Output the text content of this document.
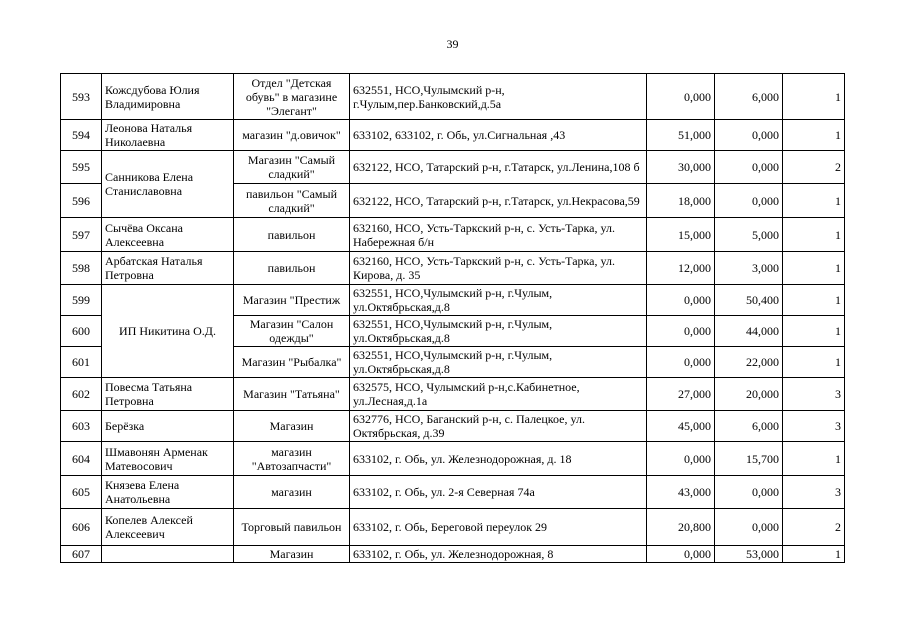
39
593	Кожсдубова Юлия Владимировна	Отдел "Детская обувь" в магазине "Элегант"	632551, НСО,Чулымский р-н, г.Чулым,пер.Банковский,д.5а	0,000	6,000	1
594	Леонова Наталья Николаевна	магазин "д.овичок"	633102, 633102, г. Обь, ул.Сигнальная ,43	51,000	0,000	1
595	Санникова Елена Станиславовна	Магазин "Самый сладкий"	632122, НСО, Татарский р-н, г.Татарск, ул.Ленина,108 б	30,000	0,000	2
596		павильон "Самый сладкий"	632122, НСО, Татарский р-н, г.Татарск, ул.Некрасова,59	18,000	0,000	1
597	Сычёва Оксана Алексеевна	павильон	632160, НСО, Усть-Таркский р-н, с. Усть-Тарка, ул. Набережная б/н	15,000	5,000	1
598	Арбатская Наталья Петровна	павильон	632160, НСО, Усть-Таркский р-н, с. Усть-Тарка, ул. Кирова, д. 35	12,000	3,000	1
599	ИП Никитина О.Д.	Магазин "Престиж	632551, НСО,Чулымский р-н, г.Чулым, ул.Октябрьская,д.8	0,000	50,400	1
600		Магазин "Салон одежды"	632551, НСО,Чулымский р-н, г.Чулым, ул.Октябрьская,д.8	0,000	44,000	1
601		Магазин "Рыбалка"	632551, НСО,Чулымский р-н, г.Чулым, ул.Октябрьская,д.8	0,000	22,000	1
602	Повесма Татьяна Петровна	Магазин "Татьяна"	632575, НСО, Чулымский р-н,с.Кабинетное, ул.Лесная,д.1а	27,000	20,000	3
603	Берёзка	Магазин	632776, НСО, Баганский р-н, с. Палецкое, ул. Октябрьская, д.39	45,000	6,000	3
604	Шмавонян Арменак Матевосович	магазин "Автозапчасти"	633102, г. Обь, ул. Железнодорожная, д. 18	0,000	15,700	1
605	Князева Елена Анатольевна	магазин	633102, г. Обь, ул. 2-я Северная 74а	43,000	0,000	3
606	Копелев Алексей Алексеевич	Торговый павильон	633102, г. Обь, Береговой переулок 29	20,800	0,000	2
607		Магазин	633102, г. Обь, ул. Железнодорожная, 8	0,000	53,000	1
